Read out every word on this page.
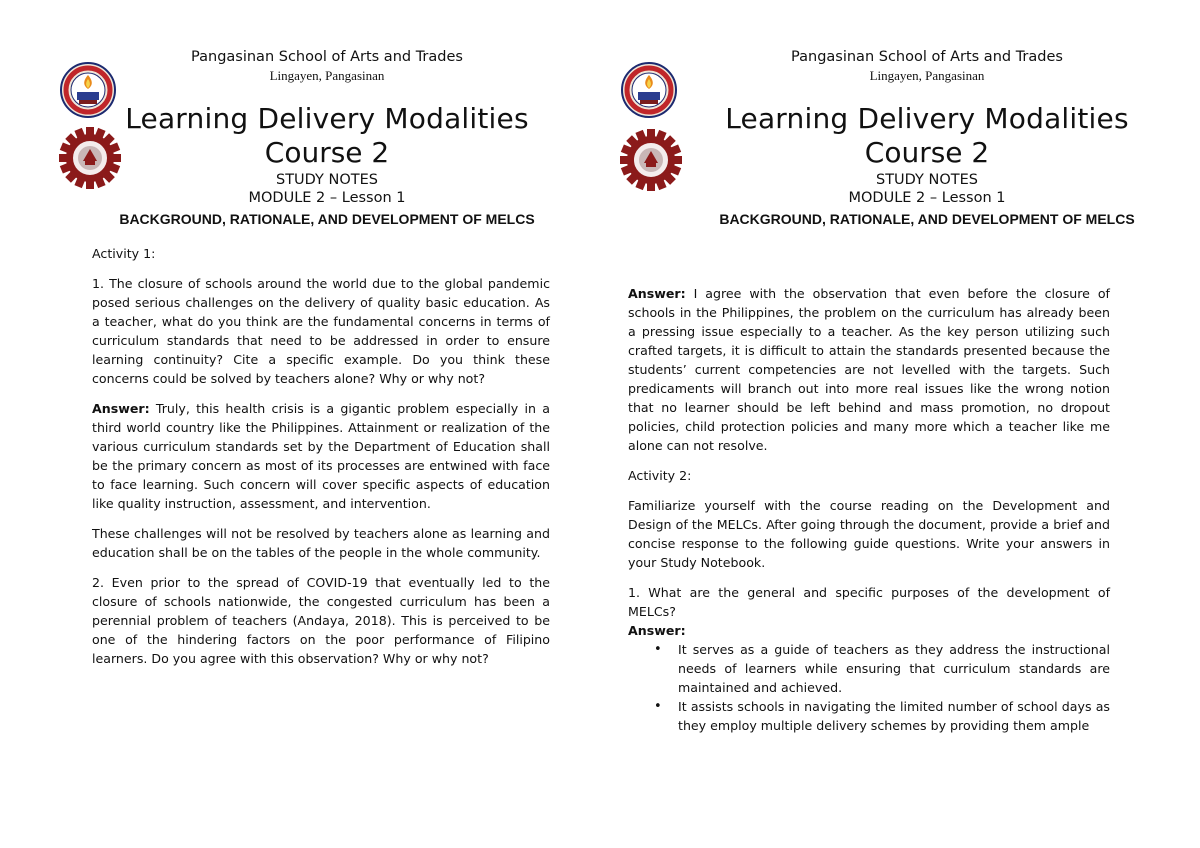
Pangasinan School of Arts and Trades
Lingayen, Pangasinan
Learning Delivery Modalities
Course 2
STUDY NOTES
MODULE 2 – Lesson 1
BACKGROUND, RATIONALE, AND DEVELOPMENT OF MELCS

Activity 1:

1. The closure of schools around the world due to the global pandemic posed serious challenges on the delivery of quality basic education. As a teacher, what do you think are the fundamental concerns in terms of curriculum standards that need to be addressed in order to ensure learning continuity? Cite a specific example. Do you think these concerns could be solved by teachers alone? Why or why not?

Answer: Truly, this health crisis is a gigantic problem especially in a third world country like the Philippines. Attainment or realization of the various curriculum standards set by the Department of Education shall be the primary concern as most of its processes are entwined with face to face learning. Such concern will cover specific aspects of education like quality instruction, assessment, and intervention.

These challenges will not be resolved by teachers alone as learning and education shall be on the tables of the people in the whole community.

2. Even prior to the spread of COVID-19 that eventually led to the closure of schools nationwide, the congested curriculum has been a perennial problem of teachers (Andaya, 2018). This is perceived to be one of the hindering factors on the poor performance of Filipino learners. Do you agree with this observation? Why or why not?

Pangasinan School of Arts and Trades
Lingayen, Pangasinan
Learning Delivery Modalities
Course 2
STUDY NOTES
MODULE 2 – Lesson 1
BACKGROUND, RATIONALE, AND DEVELOPMENT OF MELCS

Answer: I agree with the observation that even before the closure of schools in the Philippines, the problem on the curriculum has already been a pressing issue especially to a teacher. As the key person utilizing such crafted targets, it is difficult to attain the standards presented because the students’ current competencies are not levelled with the targets. Such predicaments will branch out into more real issues like the wrong notion that no learner should be left behind and mass promotion, no dropout policies, child protection policies and many more which a teacher like me alone can not resolve.

Activity 2:

Familiarize yourself with the course reading on the Development and Design of the MELCs. After going through the document, provide a brief and concise response to the following guide questions. Write your answers in your Study Notebook.

1. What are the general and specific purposes of the development of MELCs?

Answer:

• It serves as a guide of teachers as they address the instructional needs of learners while ensuring that curriculum standards are maintained and achieved.
• It assists schools in navigating the limited number of school days as they employ multiple delivery schemes by providing them ample
